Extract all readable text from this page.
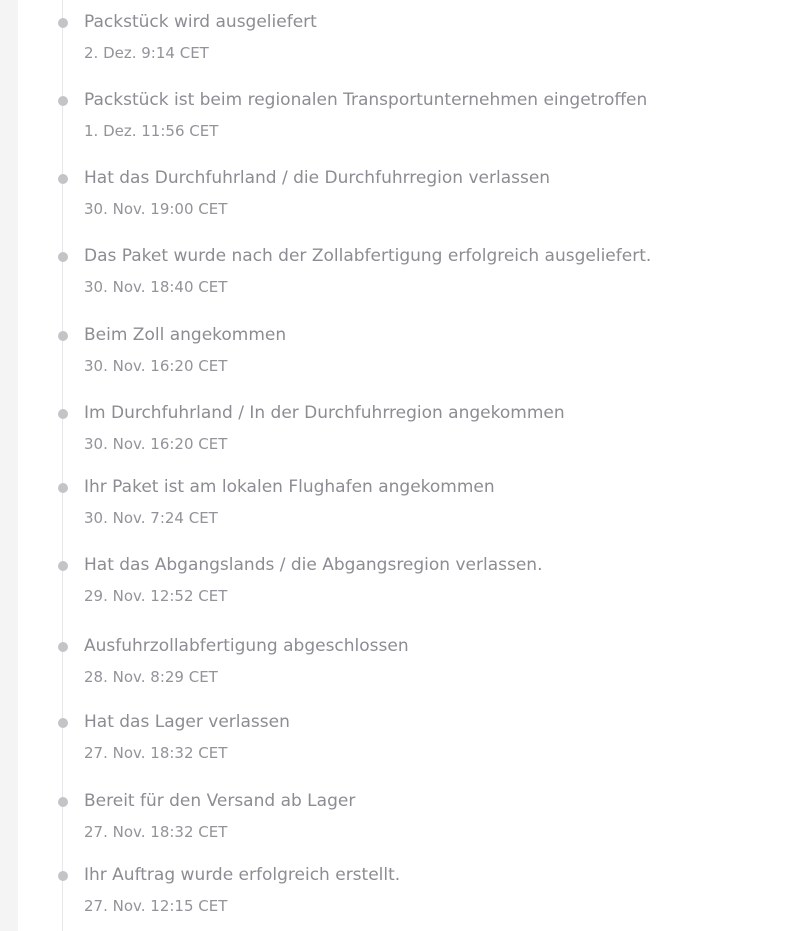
Packstück wird ausgeliefert
2. Dez. 9:14 CET
Packstück ist beim regionalen Transportunternehmen eingetroffen
1. Dez. 11:56 CET
Hat das Durchfuhrland / die Durchfuhrregion verlassen
30. Nov. 19:00 CET
Das Paket wurde nach der Zollabfertigung erfolgreich ausgeliefert.
30. Nov. 18:40 CET
Beim Zoll angekommen
30. Nov. 16:20 CET
Im Durchfuhrland / In der Durchfuhrregion angekommen
30. Nov. 16:20 CET
Ihr Paket ist am lokalen Flughafen angekommen
30. Nov. 7:24 CET
Hat das Abgangslands / die Abgangsregion verlassen.
29. Nov. 12:52 CET
Ausfuhrzollabfertigung abgeschlossen
28. Nov. 8:29 CET
Hat das Lager verlassen
27. Nov. 18:32 CET
Bereit für den Versand ab Lager
27. Nov. 18:32 CET
Ihr Auftrag wurde erfolgreich erstellt.
27. Nov. 12:15 CET
